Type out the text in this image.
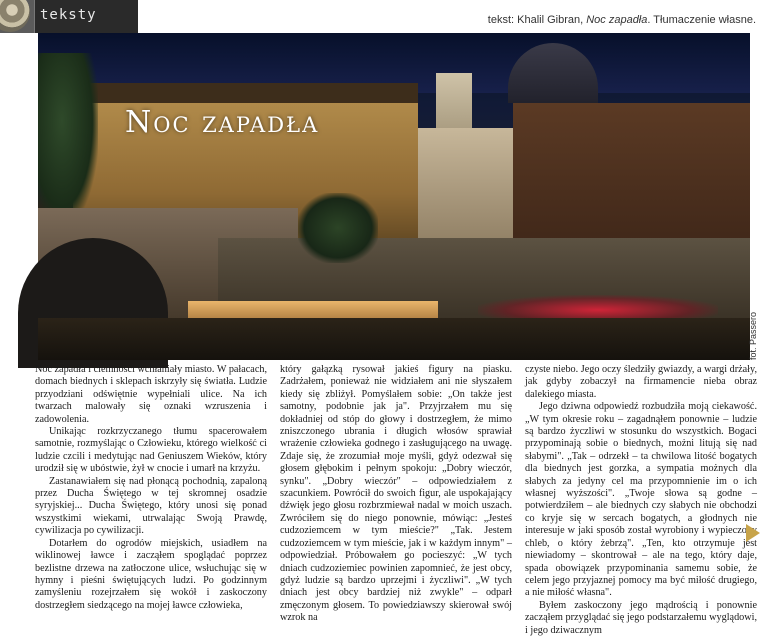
teksty	tekst: Khalil Gibran, Noc zapadła. Tłumaczenie własne.
Noc zapadła
fot. Passero

Noc zapadła i ciemności wchłaniały miasto. W pałacach, domach biednych i sklepach iskrzyły się światła. Ludzie przyodziani odświętnie wypełniali ulice. Na ich twarzach malowały się oznaki wzruszenia i zadowolenia.

Unikając rozkrzyczanego tłumu spacerowałem samotnie, rozmyślając o Człowieku, którego wielkość ci ludzie czcili i medytując nad Geniuszem Wieków, który urodził się w ubóstwie, żył w cnocie i umarł na krzyżu.

Zastanawiałem się nad płonącą pochodnią, zapaloną przez Ducha Świętego w tej skromnej osadzie syryjskiej... Ducha Świętego, który unosi się ponad wszystkimi wiekami, utrwalając Swoją Prawdę, cywilizacja po cywilizacji.

Dotarłem do ogrodów miejskich, usiadłem na wiklinowej ławce i zacząłem spoglądać poprzez bezlistne drzewa na zatłoczone ulice, wsłuchując się w hymny i pieśni świętujących ludzi. Po godzinnym zamyśleniu rozejrzałem się wokół i zaskoczony dostrzegłem siedzącego na mojej ławce człowieka,

który gałązką rysował jakieś figury na piasku. Zadrżałem, ponieważ nie widziałem ani nie słyszałem kiedy się zbliżył. Pomyślałem sobie: „On także jest samotny, podobnie jak ja". Przyjrzałem mu się dokładniej od stóp do głowy i dostrzegłem, że mimo zniszczonego ubrania i długich włosów sprawiał wrażenie człowieka godnego i zasługującego na uwagę. Zdaje się, że zrozumiał moje myśli, gdyż odezwał się głosem głębokim i pełnym spokoju: „Dobry wieczór, synku". „Dobry wieczór" – odpowiedziałem z szacunkiem. Powrócił do swoich figur, ale uspokajający dźwięk jego głosu rozbrzmiewał nadal w moich uszach. Zwróciłem się do niego ponownie, mówiąc: „Jesteś cudzoziemcem w tym mieście?" „Tak. Jestem cudzoziemcem w tym mieście, jak i w każdym innym" – odpowiedział. Próbowałem go pocieszyć: „W tych dniach cudzoziemiec powinien zapomnieć, że jest obcy, gdyż ludzie są bardzo uprzejmi i życzliwi". „W tych dniach jest obcy bardziej niż zwykle" – odparł zmęczonym głosem. To powiedziawszy skierował swój wzrok na

czyste niebo. Jego oczy śledziły gwiazdy, a wargi drżały, jak gdyby zobaczył na firmamencie nieba obraz dalekiego miasta.

Jego dziwna odpowiedź rozbudziła moją ciekawość. „W tym okresie roku – zagadnąłem ponownie – ludzie są bardzo życzliwi w stosunku do wszystkich. Bogaci przypominają sobie o biednych, możni litują się nad słabymi". „Tak – odrzekł – ta chwilowa litość bogatych dla biednych jest gorzka, a sympatia możnych dla słabych za jedyny cel ma przypomnienie im o ich własnej wyższości". „Twoje słowa są godne – potwierdziłem – ale biednych czy słabych nie obchodzi co kryje się w sercach bogatych, a głodnych nie interesuje w jaki sposób został wyrobiony i wypieczony chleb, o który żebrzą". „Ten, kto otrzymuje jest niewiadomy – skontrował – ale na tego, który daje, spada obowiązek przypominania samemu sobie, że celem jego przyjaznej pomocy ma być miłość drugiego, a nie miłość własna".

Byłem zaskoczony jego mądrością i ponownie zacząłem przyglądać się jego podstarzałemu wyglądowi, i jego dziwacznym
